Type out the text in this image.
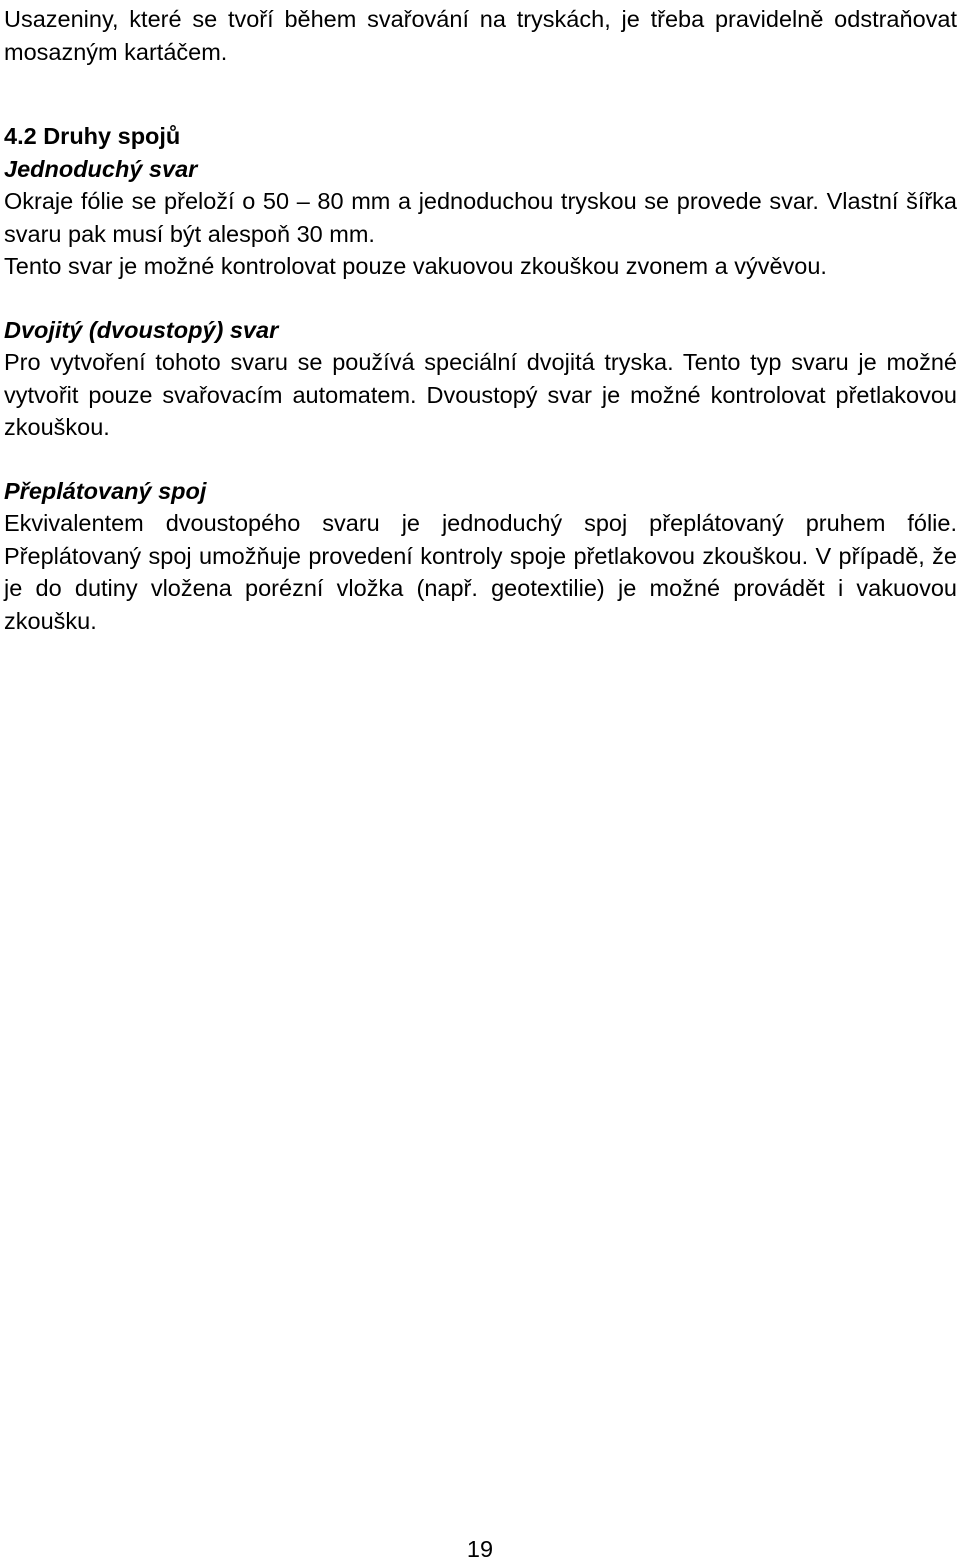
Usazeniny, které se tvoří během svařování na tryskách, je třeba pravidelně odstraňovat mosazným kartáčem.

4.2 Druhy spojů
Jednoduchý svar

Okraje fólie se přeloží o 50 – 80 mm a jednoduchou tryskou se provede svar. Vlastní šířka svaru pak musí být alespoň 30 mm.

Tento svar je možné kontrolovat pouze vakuovou zkouškou zvonem a vývěvou.

Dvojitý (dvoustopý) svar

Pro vytvoření tohoto svaru se používá speciální dvojitá tryska. Tento typ svaru je možné vytvořit pouze svařovacím automatem. Dvoustopý svar je možné kontrolovat přetlakovou zkouškou.

Přeplátovaný spoj

Ekvivalentem dvoustopého svaru je jednoduchý spoj přeplátovaný pruhem fólie. Přeplátovaný spoj umožňuje provedení kontroly spoje přetlakovou zkouškou. V případě, že je do dutiny vložena porézní vložka (např. geotextilie) je možné provádět i vakuovou zkoušku.

19
